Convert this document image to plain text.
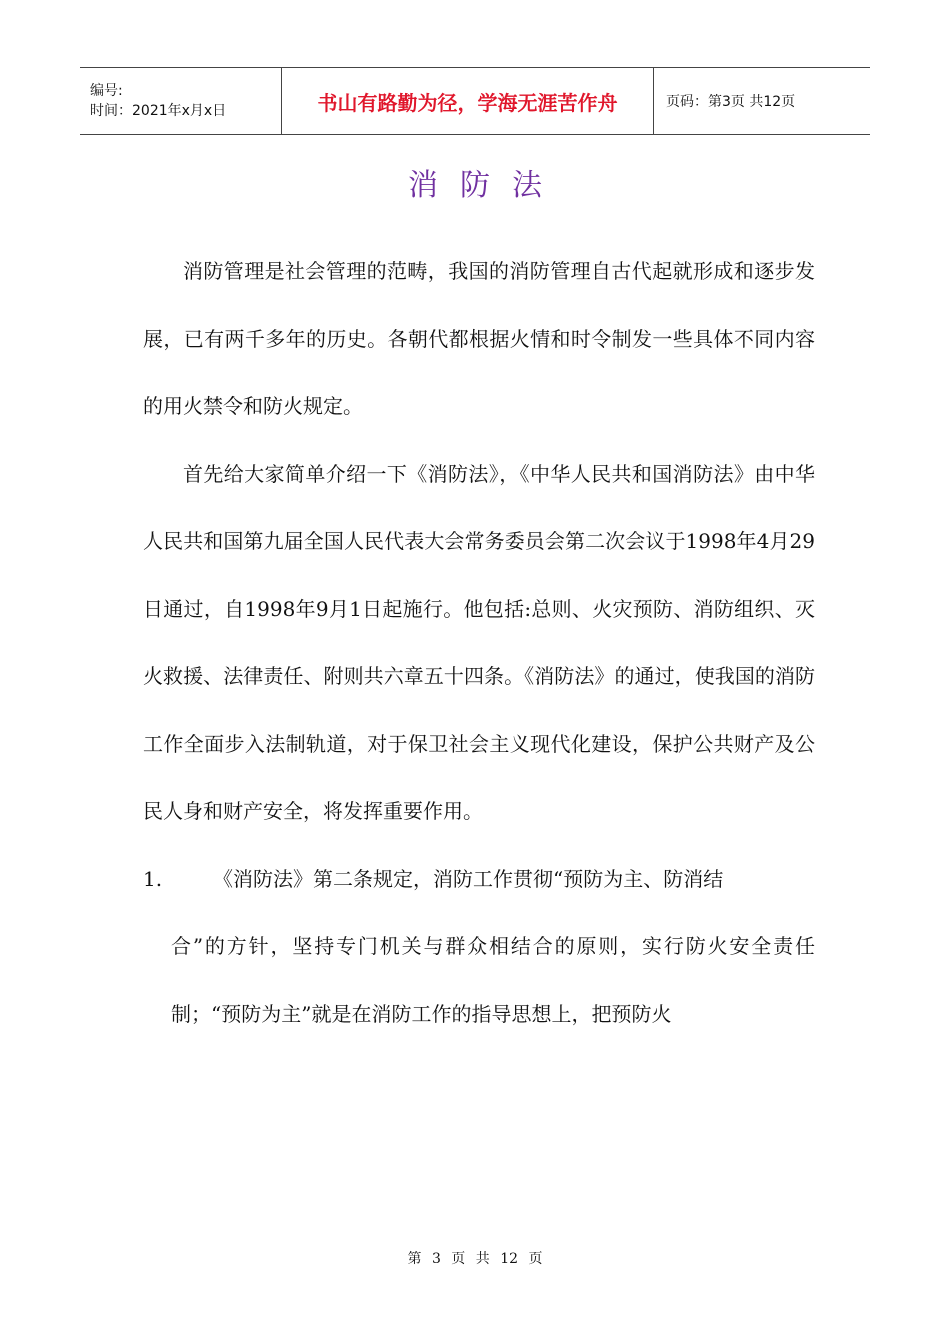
编号:
时间：2021年x月x日	书山有路勤为径，学海无涯苦作舟	页码：第3页 共12页
消防法

消防管理是社会管理的范畴，我国的消防管理自古代起就形成和逐步发展，已有两千多年的历史。各朝代都根据火情和时令制发一些具体不同内容的用火禁令和防火规定。

首先给大家简单介绍一下《消防法》，《中华人民共和国消防法》由中华人民共和国第九届全国人民代表大会常务委员会第二次会议于1998年4月29日通过，自1998年9月1日起施行。他包括:总则、火灾预防、消防组织、灭火救援、法律责任、附则共六章五十四条。《消防法》的通过，使我国的消防工作全面步入法制轨道，对于保卫社会主义现代化建设，保护公共财产及公民人身和财产安全，将发挥重要作用。

1.	《消防法》第二条规定，消防工作贯彻“预防为主、防消结

合”的方针，坚持专门机关与群众相结合的原则，实行防火安全责任制；“预防为主”就是在消防工作的指导思想上，把预防火

第 3 页 共 12 页
